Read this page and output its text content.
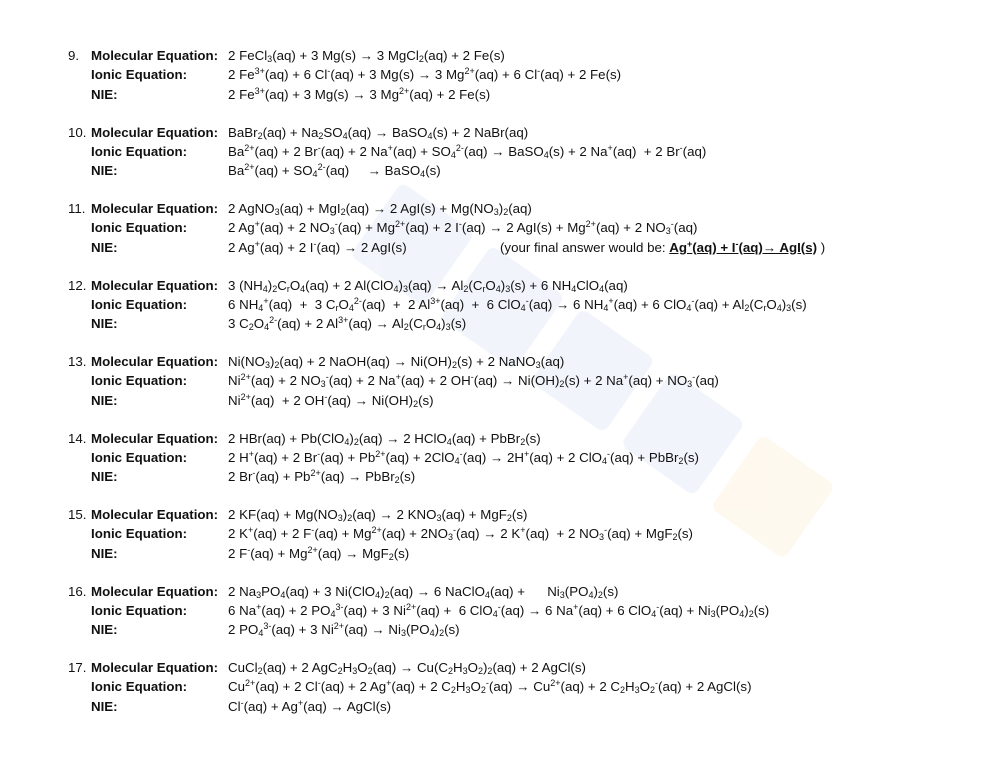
9. Molecular Equation: 2 FeCl$_3$(aq) + 3 Mg(s) → 3 MgCl$_2$(aq) + 2 Fe(s)
Ionic Equation:	2 $Fe^{3+}(aq) + 6$ Cl-(aq) + 3 Mg(s) → 3 $Mg^{2+}(aq) + 6$ Cl-(aq) + 2 Fe(s)
NIE:	2 $Fe^{3+}(aq) + 3$ Mg(s) → 3 $Mg^{2+}(aq) + 2$ Fe(s)
10. Molecular Equation: BaBr$_2$(aq) + $Na_2SO_4(aq)$ → BaSO$_4$(s) + 2 NaBr(aq)
Ionic Equation:	$Ba^{2+}(aq) + 2$ Br-(aq) + 2 $Na^+(aq) + SO_4^{2-}(aq)$ → BaSO$_4$(s) + 2 Na+(aq)  + 2 Br-(aq)
NIE:	$Ba^{2+}(aq) + SO_4^{2-}(aq)$     → BaSO$_4$(s)
11. Molecular Equation: 2 AgNO$_3$(aq) + MgI$_2$(aq) → 2 $AgI(s) + Mg(NO_3)_2(aq)$
Ionic Equation:	2 Ag+(aq) + 2 $NO_3^-(aq) + Mg^{2+}(aq) + 2$ I-(aq) → 2 $AgI(s) + Mg^{2+}(aq) + 2$ $NO_3^-(aq)$
NIE:	2 Ag+(aq) + 2 I-(aq) → 2 AgI(s)	(your final answer would be: Ag+(aq) + I-(aq)→ AgI(s) )
12. Molecular Equation: 3 $(NH_4)_2C_rO_4(aq) + 2$ $Al(ClO_4)_3(aq) \to Al_2(C_rO_4)_3(s) + 6$ $NH_4ClO_4(aq)$
Ionic Equation:	6 $NH_4^+(aq) + 3$ $C_rO_4^{2-}(aq) + 2$ $Al^{3+}(aq) + 6$ ClO$_4$-(aq) → 6 $NH_4^+(aq) + 6$ $ClO_4^-(aq) + Al_2(C_rO_4)_3(s)$
NIE:	3 $C_2O_4^{2-}(aq) + 2$ $Al^{3+}(aq) \to Al_2(C_rO_4)_3(s)$
13. Molecular Equation: $Ni(NO_3)_2(aq) + 2$ NaOH(aq) → $Ni(OH)_2(s) + 2$ NaNO$_3$(aq)
Ionic Equation:	$Ni^{2+}(aq) + 2$ $NO_3^-(aq) + 2$ Na+(aq) + 2 $OH^-(aq) \to Ni(OH)_2(s) + 2$ $Na^+(aq) + NO_3^-(aq)$
NIE:	$Ni^{2+}(aq) + 2$ $OH^-(aq) \to Ni(OH)_2(s)$
14. Molecular Equation: 2 $HBr(aq) + Pb(ClO_4)_2(aq) \to 2$ HClO$_4$(aq) + PbBr$_2$(s)
Ionic Equation:	2 H+(aq) + 2 $Br^-(aq) + Pb^{2+}(aq) + 2ClO_4^-(aq) \to 2H^+(aq) + 2$ ClO$_4$-(aq) + PbBr$_2$(s)
NIE:	2 $Br^-(aq) + Pb^{2+}(aq)$ → PbBr$_2$(s)
15. Molecular Equation: 2 $KF(aq) + Mg(NO_3)_2(aq) \to 2$ $KNO_3(aq) + MgF_2(s)$
Ionic Equation:	2 K+(aq) + 2 $F^-(aq) + Mg^{2+}(aq) + 2NO_3^-(aq) \to 2$ K+(aq)  + 2 $NO_3^-(aq) + MgF_2(s)$
NIE:	2 $F^-(aq) + Mg^{2+}(aq) \to MgF_2(s)$
16. Molecular Equation: 2 $Na_3PO_4(aq) + 3$ $Ni(ClO_4)_2(aq) \to 6$ NaClO$_4$(aq) +      $Ni_3(PO_4)_2(s)$
Ionic Equation:	6 Na+(aq) + 2 $PO_4^{3-}(aq) + 3$ $Ni^{2+}(aq) + 6$ ClO$_4$-(aq) → 6 Na+(aq) + 6 $ClO_4^-(aq) + Ni_3(PO_4)_2(s)$
NIE:	2 $PO_4^{3-}(aq) + 3$ $Ni^{2+}(aq) \to Ni_3(PO_4)_2(s)$
17. Molecular Equation: CuCl$_2$(aq) + 2 $AgC_2H_3O_2(aq) \to Cu(C_2H_3O_2)_2(aq) + 2$ AgCl(s)
Ionic Equation:	$Cu^{2+}(aq) + 2$ Cl-(aq) + 2 Ag+(aq) + 2 $C_2H_3O_2^-(aq) \to Cu^{2+}(aq) + 2$ $C_2H_3O_2^-(aq) + 2$ AgCl(s)
NIE:	Cl-(aq) + Ag+(aq) → AgCl(s)
